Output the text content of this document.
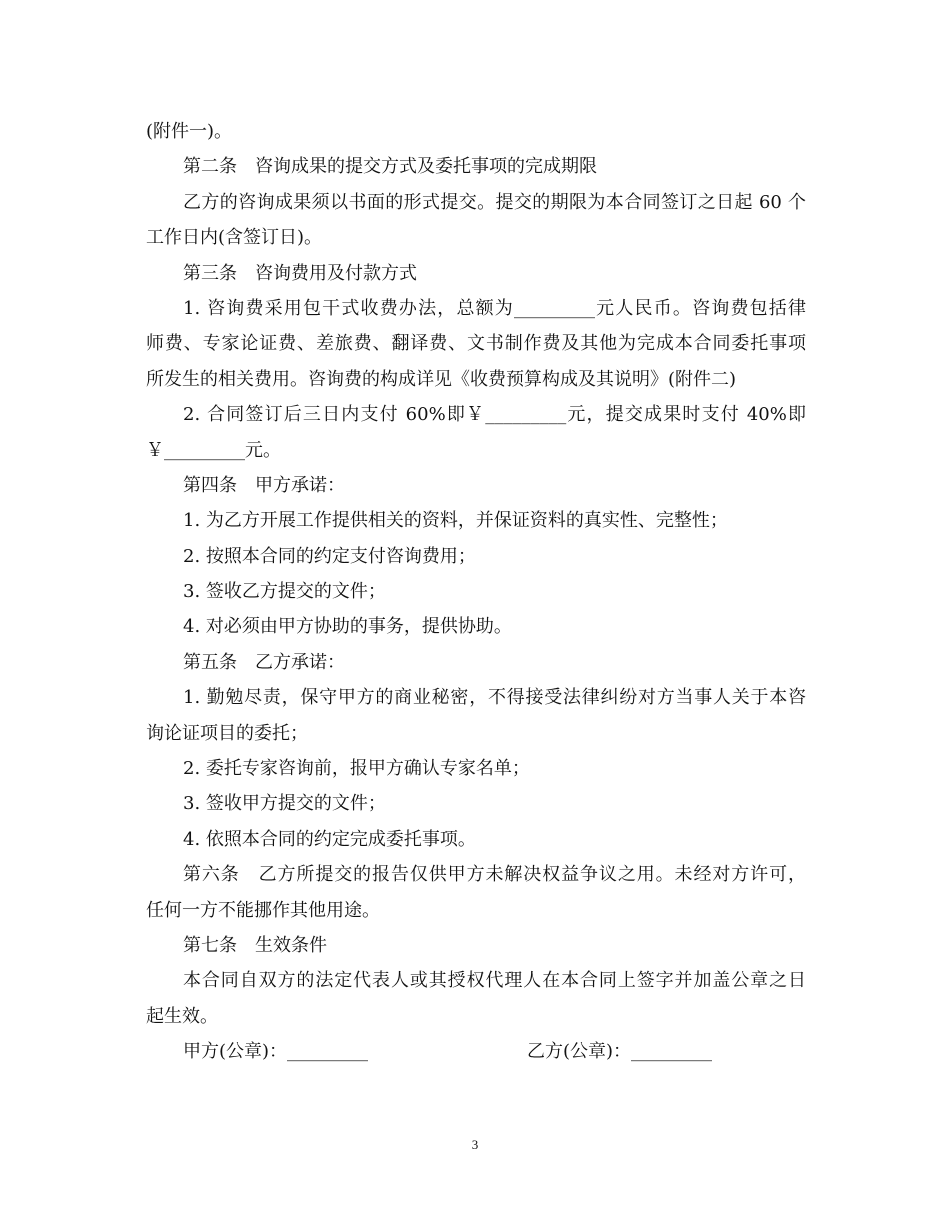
(附件一)。
第二条　咨询成果的提交方式及委托事项的完成期限
乙方的咨询成果须以书面的形式提交。提交的期限为本合同签订之日起 60 个
工作日内(含签订日)。
第三条　咨询费用及付款方式
1. 咨询费采用包干式收费办法，总额为_________元人民币。咨询费包括律
师费、专家论证费、差旅费、翻译费、文书制作费及其他为完成本合同委托事项
所发生的相关费用。咨询费的构成详见《收费预算构成及其说明》(附件二)
2. 合同签订后三日内支付 60%即￥_________元，提交成果时支付 40%即
￥_________元。
第四条　甲方承诺：
1. 为乙方开展工作提供相关的资料，并保证资料的真实性、完整性；
2. 按照本合同的约定支付咨询费用；
3. 签收乙方提交的文件；
4. 对必须由甲方协助的事务，提供协助。
第五条　乙方承诺：
1. 勤勉尽责，保守甲方的商业秘密，不得接受法律纠纷对方当事人关于本咨
询论证项目的委托；
2. 委托专家咨询前，报甲方确认专家名单；
3. 签收甲方提交的文件；
4. 依照本合同的约定完成委托事项。
第六条　乙方所提交的报告仅供甲方未解决权益争议之用。未经对方许可，
任何一方不能挪作其他用途。
第七条　生效条件
本合同自双方的法定代表人或其授权代理人在本合同上签字并加盖公章之日
起生效。
甲方(公章)：_________	乙方(公章)：_________
3
